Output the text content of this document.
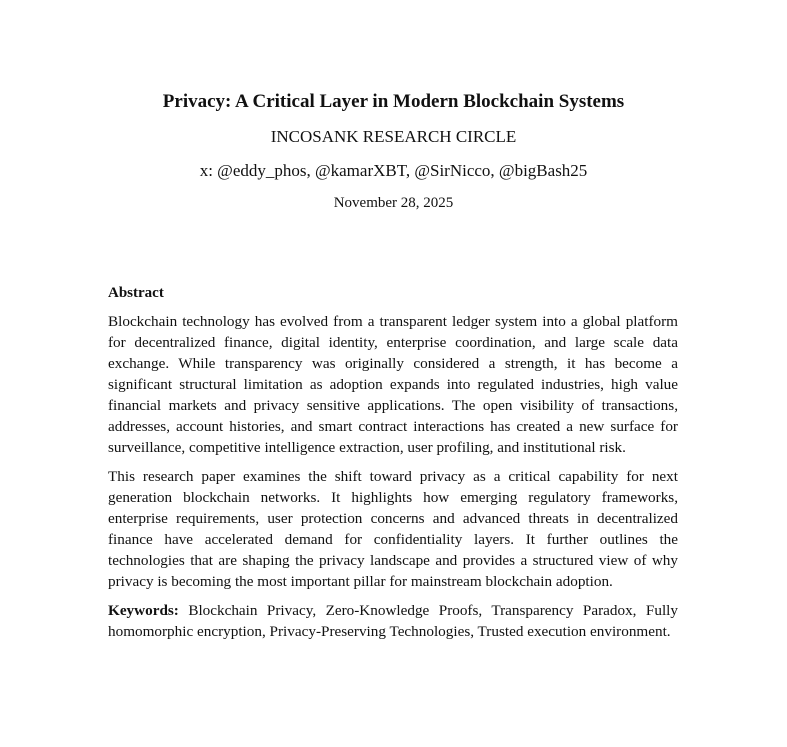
Privacy: A Critical Layer in Modern Blockchain Systems
INCOSANK RESEARCH CIRCLE
x: @eddy_phos, @kamarXBT, @SirNicco, @bigBash25
November 28, 2025
Abstract

Blockchain technology has evolved from a transparent ledger system into a global platform for decentralized finance, digital identity, enterprise coordination, and large scale data exchange. While transparency was originally considered a strength, it has become a significant structural limitation as adoption expands into regulated industries, high value financial markets and privacy sensitive applications. The open visibility of transactions, addresses, account histories, and smart contract interactions has created a new surface for surveillance, competitive intelligence extraction, user profiling, and institutional risk.

This research paper examines the shift toward privacy as a critical capability for next generation blockchain networks. It highlights how emerging regulatory frameworks, enterprise requirements, user protection concerns and advanced threats in decentralized finance have accelerated demand for confidentiality layers. It further outlines the technologies that are shaping the privacy landscape and provides a structured view of why privacy is becoming the most important pillar for mainstream blockchain adoption.

Keywords: Blockchain Privacy, Zero-Knowledge Proofs, Transparency Paradox, Fully homomorphic encryption, Privacy-Preserving Technologies, Trusted execution environment.
